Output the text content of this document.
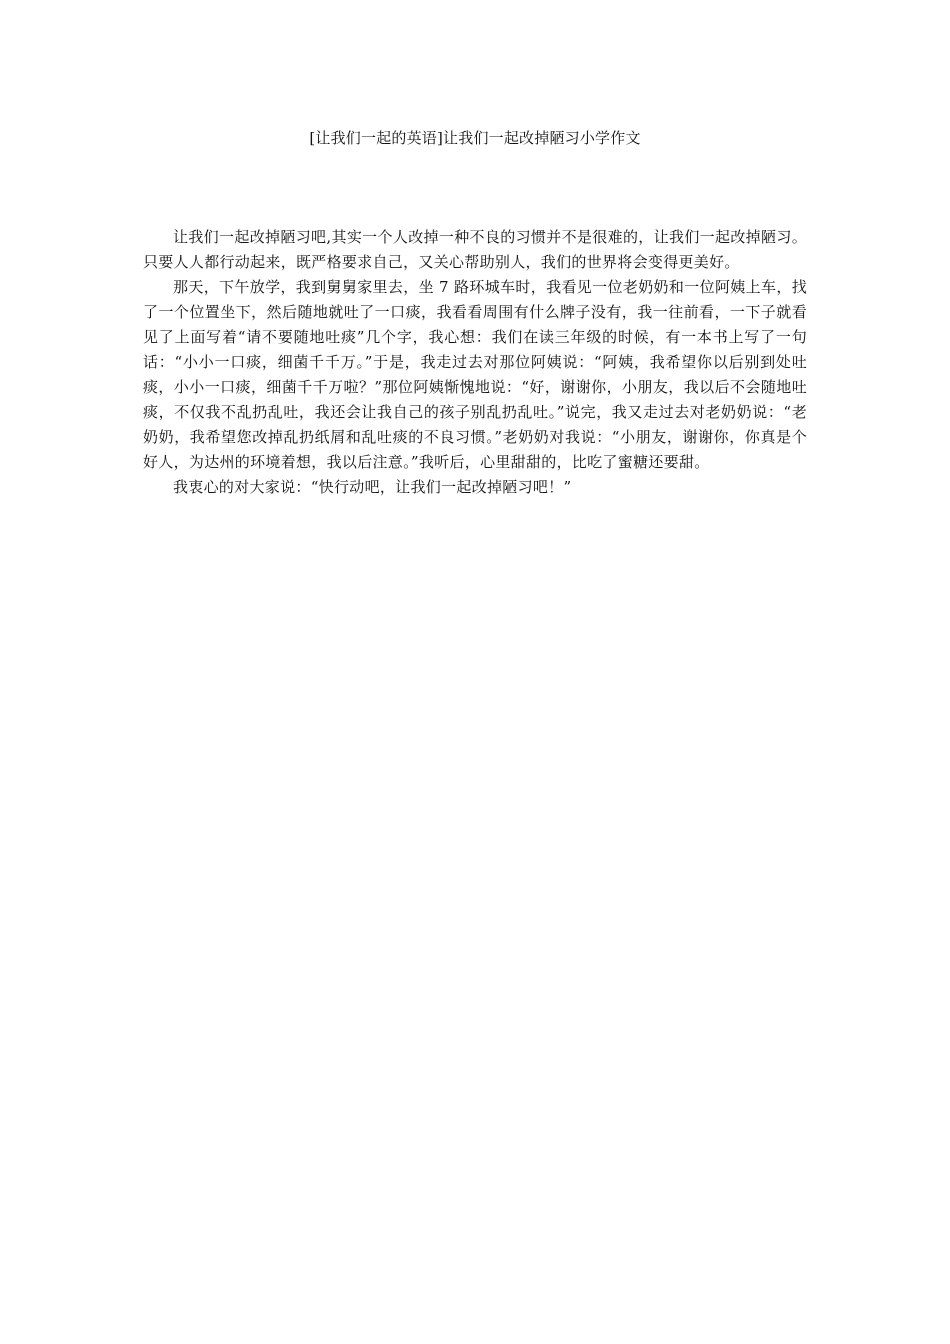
[让我们一起的英语]让我们一起改掉陋习小学作文

让我们一起改掉陋习吧,其实一个人改掉一种不良的习惯并不是很难的，让我们一起改掉陋习。只要人人都行动起来，既严格要求自己，又关心帮助别人，我们的世界将会变得更美好。

那天，下午放学，我到舅舅家里去，坐 7 路环城车时，我看见一位老奶奶和一位阿姨上车，找了一个位置坐下，然后随地就吐了一口痰，我看看周围有什么牌子没有，我一往前看，一下子就看见了上面写着“请不要随地吐痰”几个字，我心想：我们在读三年级的时候，有一本书上写了一句话：“小小一口痰，细菌千千万。”于是，我走过去对那位阿姨说：“阿姨，我希望你以后别到处吐痰，小小一口痰，细菌千千万啦？”那位阿姨惭愧地说：“好，谢谢你，小朋友，我以后不会随地吐痰，不仅我不乱扔乱吐，我还会让我自己的孩子别乱扔乱吐。”说完，我又走过去对老奶奶说：“老奶奶，我希望您改掉乱扔纸屑和乱吐痰的不良习惯。”老奶奶对我说：“小朋友，谢谢你，你真是个好人，为达州的环境着想，我以后注意。”我听后，心里甜甜的，比吃了蜜糖还要甜。

我衷心的对大家说：“快行动吧，让我们一起改掉陋习吧！”
